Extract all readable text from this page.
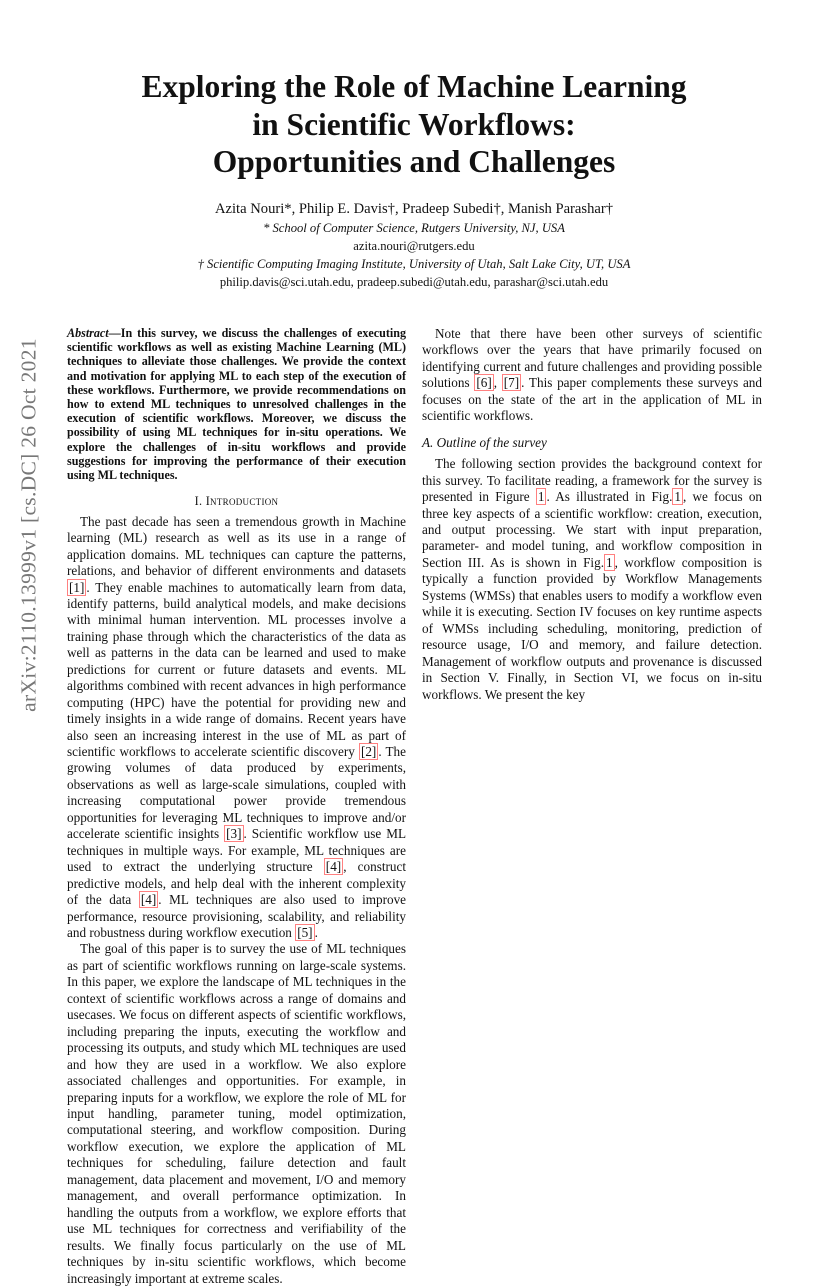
arXiv:2110.13999v1 [cs.DC] 26 Oct 2021
Exploring the Role of Machine Learning
in Scientific Workflows:
Opportunities and Challenges
Azita Nouri*, Philip E. Davis†, Pradeep Subedi†, Manish Parashar†
* School of Computer Science, Rutgers University, NJ, USA
azita.nouri@rutgers.edu
† Scientific Computing Imaging Institute, University of Utah, Salt Lake City, UT, USA
philip.davis@sci.utah.edu, pradeep.subedi@utah.edu, parashar@sci.utah.edu

Abstract—In this survey, we discuss the challenges of executing scientific workflows as well as existing Machine Learning (ML) techniques to alleviate those challenges. We provide the context and motivation for applying ML to each step of the execution of these workflows. Furthermore, we provide recommendations on how to extend ML techniques to unresolved challenges in the execution of scientific workflows. Moreover, we discuss the possibility of using ML techniques for in-situ operations. We explore the challenges of in-situ workflows and provide suggestions for improving the performance of their execution using ML techniques.

I. Introduction

The past decade has seen a tremendous growth in Machine learning (ML) research as well as its use in a range of application domains. ML techniques can capture the patterns, relations, and behavior of different environments and datasets [1] . They enable machines to automatically learn from data, identify patterns, build analytical models, and make decisions with minimal human intervention. ML processes involve a training phase through which the characteristics of the data as well as patterns in the data can be learned and used to make predictions for current or future datasets and events. ML algorithms combined with recent advances in high performance computing (HPC) have the potential for providing new and timely insights in a wide range of domains. Recent years have also seen an increasing interest in the use of ML as part of scientific workflows to accelerate scientific discovery [2] . The growing volumes of data produced by experiments, observations as well as large-scale simulations, coupled with increasing computational power provide tremendous opportunities for leveraging ML techniques to improve and/or accelerate scientific insights [3] . Scientific workflow use ML techniques in multiple ways. For example, ML techniques are used to extract the underlying structure [4] , construct predictive models, and help deal with the inherent complexity of the data [4] . ML techniques are also used to improve performance, resource provisioning, scalability, and reliability and robustness during workflow execution [5] .

The goal of this paper is to survey the use of ML techniques as part of scientific workflows running on large-scale systems. In this paper, we explore the landscape of ML techniques in the context of scientific workflows across a range of domains and usecases. We focus on different aspects of scientific workflows, including preparing the inputs, executing the workflow and processing its outputs, and study which ML techniques are used and how they are used in a workflow. We also explore associated challenges and opportunities. For example, in preparing inputs for a workflow, we explore the role of ML for input handling, parameter tuning, model optimization, computational steering, and workflow composition. During workflow execution, we explore the application of ML techniques for scheduling, failure detection and fault management, data placement and movement, I/O and memory management, and overall performance optimization. In handling the outputs from a workflow, we explore efforts that use ML techniques for correctness and verifiability of the results. We finally focus particularly on the use of ML techniques by in-situ scientific workflows, which become increasingly important at extreme scales.

Note that there have been other surveys of scientific workflows over the years that have primarily focused on identifying current and future challenges and providing possible solutions [6] , [7] . This paper complements these surveys and focuses on the state of the art in the application of ML in scientific workflows.

A. Outline of the survey

The following section provides the background context for this survey. To facilitate reading, a framework for the survey is presented in Figure 1 . As illustrated in Fig. 1 , we focus on three key aspects of a scientific workflow: creation, execution, and output processing. We start with input preparation, parameter- and model tuning, and workflow composition in Section III. As is shown in Fig. 1 , workflow composition is typically a function provided by Workflow Managements Systems (WMSs) that enables users to modify a workflow even while it is executing. Section IV focuses on key runtime aspects of WMSs including scheduling, monitoring, prediction of resource usage, I/O and memory, and failure detection. Management of workflow outputs and provenance is discussed in Section V. Finally, in Section VI, we focus on in-situ workflows. We present the key
